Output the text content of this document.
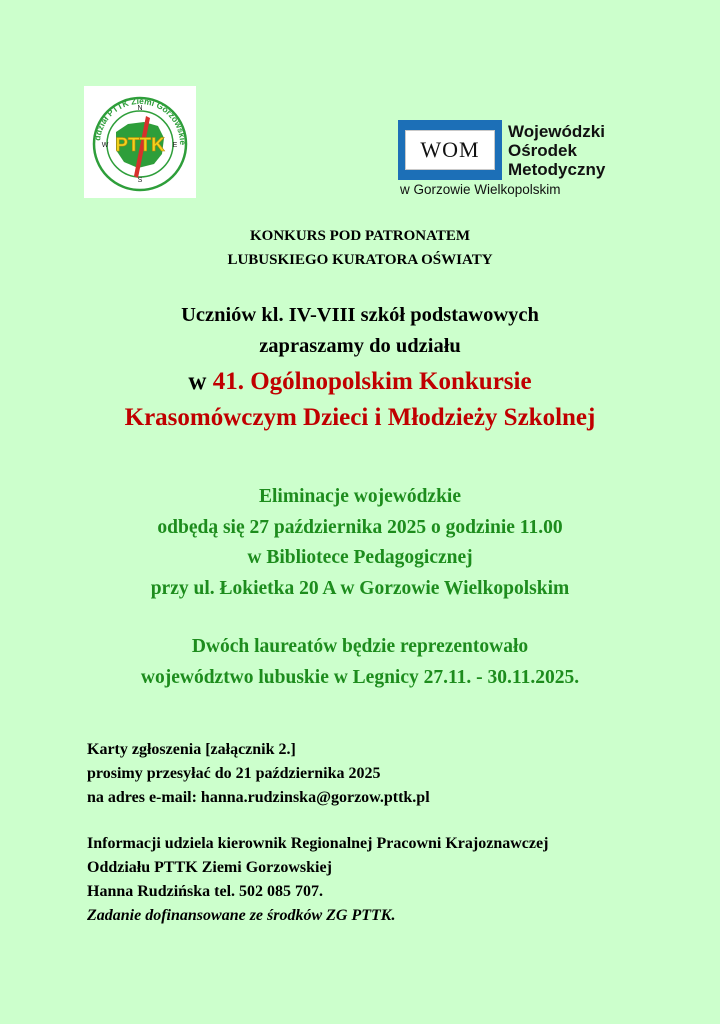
ddział PTTK Ziemi Gorzowskie
N
S
W	E
PTTK	WOM
Wojewódzki
Ośrodek
Metodyczny
w Gorzowie Wielkopolskim
KONKURS POD PATRONATEM
LUBUSKIEGO KURATORA OŚWIATY
Uczniów kl. IV-VIII szkół podstawowych
zapraszamy do udziału
w 41. Ogólnopolskim Konkursie
Krasomówczym Dzieci i Młodzieży Szkolnej
Eliminacje wojewódzkie
odbędą się 27 października 2025 o godzinie 11.00
w Bibliotece Pedagogicznej
przy ul. Łokietka 20 A w Gorzowie Wielkopolskim
Dwóch laureatów będzie reprezentowało
województwo lubuskie w Legnicy 27.11. - 30.11.2025.
Karty zgłoszenia [załącznik 2.]
prosimy przesyłać do 21 października 2025
na adres e-mail: hanna.rudzinska@gorzow.pttk.pl
Informacji udziela kierownik Regionalnej Pracowni Krajoznawczej
Oddziału PTTK Ziemi Gorzowskiej
Hanna Rudzińska tel. 502 085 707.
Zadanie dofinansowane ze środków ZG PTTK.
